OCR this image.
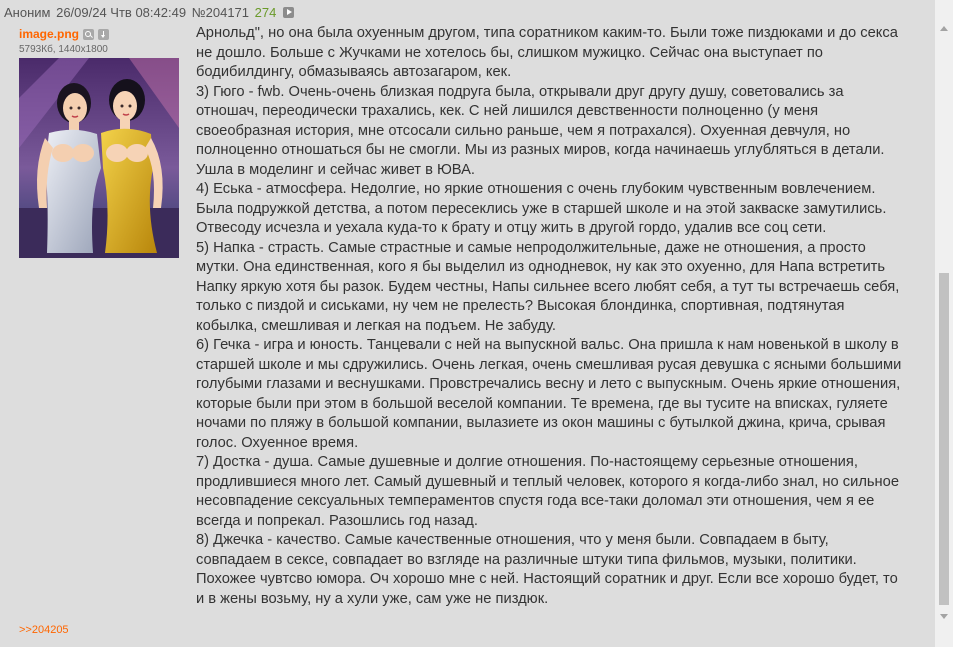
Аноним 26/09/24 Чтв 08:42:49 №204171 274
image.png
5793Кб, 1440x1800

Арнольд", но она была охуенным другом, типа соратником каким-то. Были тоже пиздюками и до секса

не дошло. Больше с Жучками не хотелось бы, слишком мужицко. Сейчас она выступает по

бодибилдингу, обмазываясь автозагаром, кек.

3) Гюго - fwb. Очень-очень близкая подруга была, открывали друг другу душу, советовались за

отношач, переодически трахались, кек. С ней лишился девственности полноценно (у меня

своеобразная история, мне отсосали сильно раньше, чем я потрахался). Охуенная девчуля, но

полноценно отношаться бы не смогли. Мы из разных миров, когда начинаешь углубляться в детали.

Ушла в моделинг и сейчас живет в ЮВА.

4) Еська - атмосфера. Недолгие, но яркие отношения с очень глубоким чувственным вовлечением.

Была подружкой детства, а потом пересеклись уже в старшей школе и на этой закваске замутились.

Отвесоду исчезла и уехала куда-то к брату и отцу жить в другой гордо, удалив все соц сети.

5) Напка - страсть. Самые страстные и самые непродолжительные, даже не отношения, а просто

мутки. Она единственная, кого я бы выделил из однодневок, ну как это охуенно, для Напа встретить

Напку яркую хотя бы разок. Будем честны, Напы сильнее всего любят себя, а тут ты встречаешь себя,

только с пиздой и сиськами, ну чем не прелесть? Высокая блондинка, спортивная, подтянутая

кобылка, смешливая и легкая на подъем. Не забуду.

6) Гечка - игра и юность. Танцевали с ней на выпускной вальс. Она пришла к нам новенькой в школу в

старшей школе и мы сдружились. Очень легкая, очень смешливая русая девушка с ясными большими

голубыми глазами и веснушками. Провстречались весну и лето с выпускным. Очень яркие отношения,

которые были при этом в большой веселой компании. Те времена, где вы тусите на вписках, гуляете

ночами по пляжу в большой компании, вылазиете из окон машины с бутылкой джина, крича, срывая

голос. Охуенное время.

7) Достка - душа. Самые душевные и долгие отношения. По-настоящему серьезные отношения,

продлившиеся много лет. Самый душевный и теплый человек, которого я когда-либо знал, но сильное

несовпадение сексуальных темпераментов спустя года все-таки доломал эти отношения, чем я ее

всегда и попрекал. Разошлись год назад.

8) Джечка - качество. Самые качественные отношения, что у меня были. Совпадаем в быту,

совпадаем в сексе, совпадает во взгляде на различные штуки типа фильмов, музыки, политики.

Похожее чувтсво юмора. Оч хорошо мне с ней. Настоящий соратник и друг. Если все хорошо будет, то

и в жены возьму, ну а хули уже, сам уже не пиздюк.

>>204205
